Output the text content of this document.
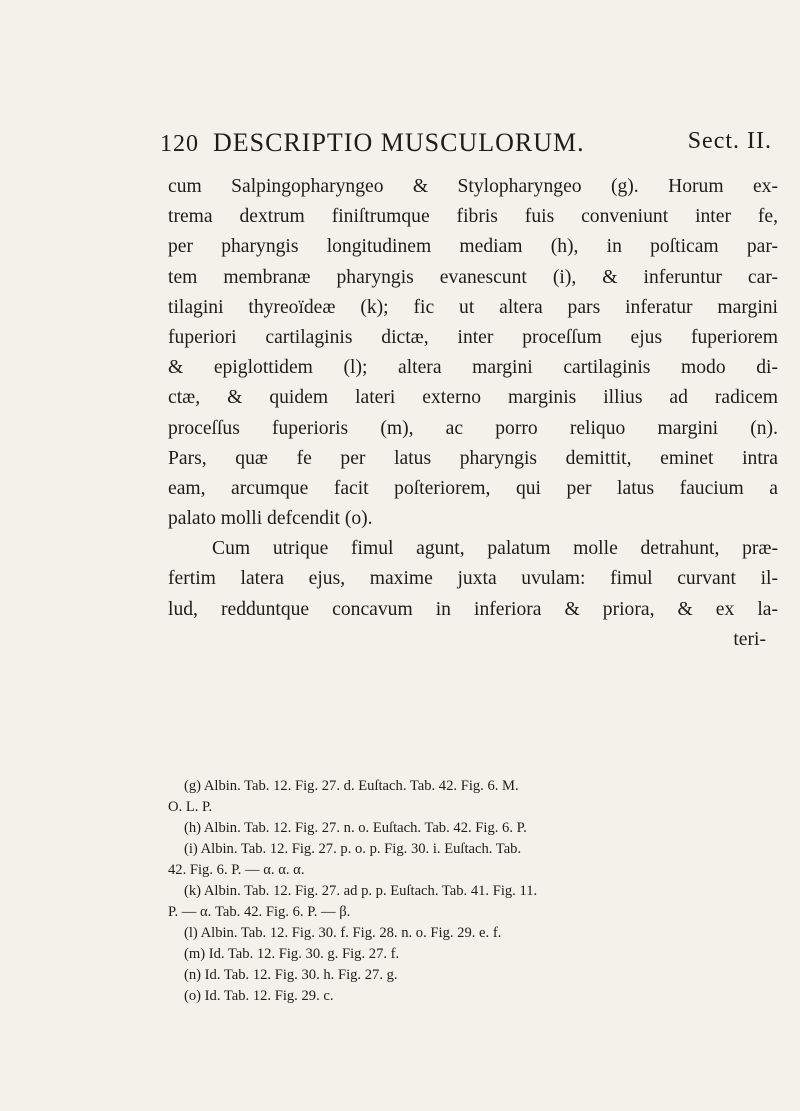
120 DESCRIPTIO MUSCULORUM.	Sect. II.
cum Salpingopharyngeo & Stylopharyngeo (g). Horum ex-
trema dextrum finiſtrumque fibris fuis conveniunt inter fe,
per pharyngis longitudinem mediam (h), in poſticam par-
tem membranæ pharyngis evanescunt (i), & inferuntur car-
tilagini thyreoïdeæ (k); fic ut altera pars inferatur margini
fuperiori cartilaginis dictæ, inter proceſſum ejus fuperiorem
& epiglottidem (l); altera margini cartilaginis modo di-
ctæ, & quidem lateri externo marginis illius ad radicem
proceſſus fuperioris (m), ac porro reliquo margini (n).
Pars, quæ fe per latus pharyngis demittit, eminet intra
eam, arcumque facit poſteriorem, qui per latus faucium a
palato molli defcendit (o).
Cum utrique fimul agunt, palatum molle detrahunt, præ-
fertim latera ejus, maxime juxta uvulam: fimul curvant il-
lud, redduntque concavum in inferiora & priora, & ex la-
teri-
(g) Albin. Tab. 12. Fig. 27. d. Euſtach. Tab. 42. Fig. 6. M.
O. L. P.
(h) Albin. Tab. 12. Fig. 27. n. o. Euſtach. Tab. 42. Fig. 6. P.
(i) Albin. Tab. 12. Fig. 27. p. o. p. Fig. 30. i. Euſtach. Tab.
42. Fig. 6. P. — α. α. α.
(k) Albin. Tab. 12. Fig. 27. ad p. p. Euſtach. Tab. 41. Fig. 11.
P. — α. Tab. 42. Fig. 6. P. — β.
(l) Albin. Tab. 12. Fig. 30. f. Fig. 28. n. o. Fig. 29. e. f.
(m) Id. Tab. 12. Fig. 30. g. Fig. 27. f.
(n) Id. Tab. 12. Fig. 30. h. Fig. 27. g.
(o) Id. Tab. 12. Fig. 29. c.
